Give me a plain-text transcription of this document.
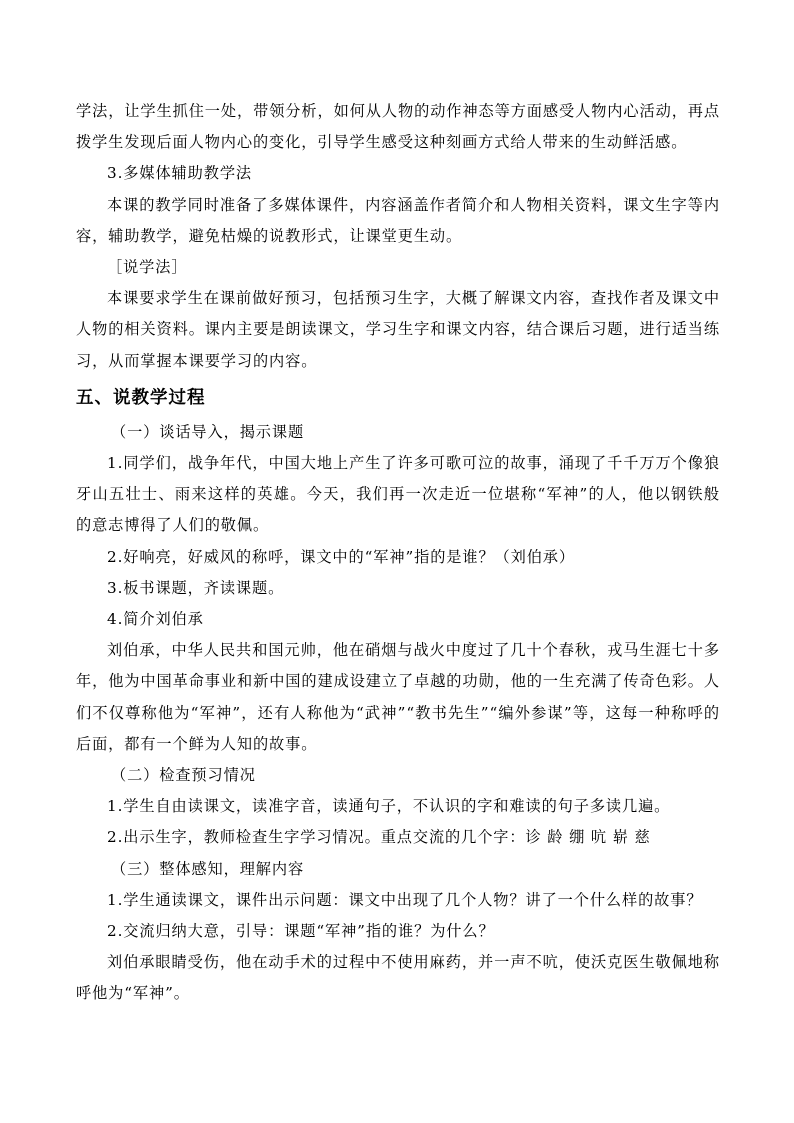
学法，让学生抓住一处，带领分析，如何从人物的动作神态等方面感受人物内心活动，再点拨学生发现后面人物内心的变化，引导学生感受这种刻画方式给人带来的生动鲜活感。

3.多媒体辅助教学法

本课的教学同时准备了多媒体课件，内容涵盖作者简介和人物相关资料，课文生字等内容，辅助教学，避免枯燥的说教形式，让课堂更生动。

［说学法］

本课要求学生在课前做好预习，包括预习生字，大概了解课文内容，查找作者及课文中人物的相关资料。课内主要是朗读课文，学习生字和课文内容，结合课后习题，进行适当练习，从而掌握本课要学习的内容。

五、说教学过程

（一）谈话导入，揭示课题

1.同学们，战争年代，中国大地上产生了许多可歌可泣的故事，涌现了千千万万个像狼牙山五壮士、雨来这样的英雄。今天，我们再一次走近一位堪称“军神”的人，他以钢铁般的意志博得了人们的敬佩。

2.好响亮，好威风的称呼，课文中的“军神”指的是谁？（刘伯承）

3.板书课题，齐读课题。

4.简介刘伯承

刘伯承，中华人民共和国元帅，他在硝烟与战火中度过了几十个春秋，戎马生涯七十多年，他为中国革命事业和新中国的建成设建立了卓越的功勋，他的一生充满了传奇色彩。人们不仅尊称他为“军神”，还有人称他为“武神”“教书先生”“编外参谋”等，这每一种称呼的后面，都有一个鲜为人知的故事。

（二）检查预习情况

1.学生自由读课文，读准字音，读通句子，不认识的字和难读的句子多读几遍。

2.出示生字，教师检查生字学习情况。重点交流的几个字：诊 龄 绷 吭 崭 慈

（三）整体感知，理解内容

1.学生通读课文，课件出示问题：课文中出现了几个人物？讲了一个什么样的故事？

2.交流归纳大意，引导：课题“军神”指的谁？为什么？

刘伯承眼睛受伤，他在动手术的过程中不使用麻药，并一声不吭，使沃克医生敬佩地称呼他为“军神”。
